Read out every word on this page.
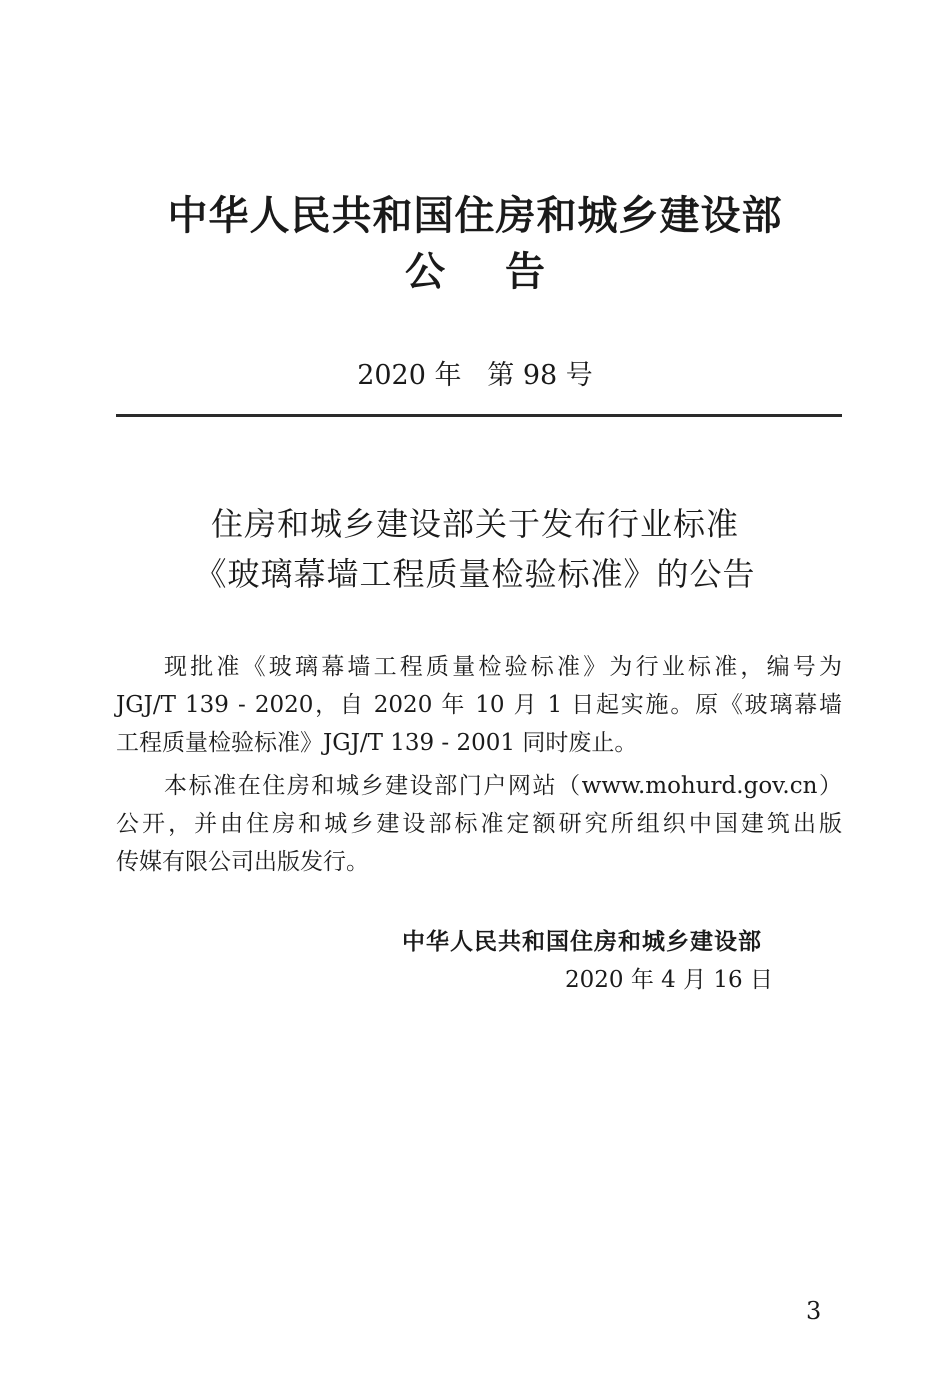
中华人民共和国住房和城乡建设部
公告
2020 年   第 98 号
住房和城乡建设部关于发布行业标准
《玻璃幕墙工程质量检验标准》的公告
现批准《玻璃幕墙工程质量检验标准》为行业标准，编号为
JGJ/T 139 - 2020，自 2020 年 10 月 1 日起实施。原《玻璃幕墙
工程质量检验标准》JGJ/T 139 - 2001 同时废止。
本标准在住房和城乡建设部门户网站（www.mohurd.gov.cn）
公开，并由住房和城乡建设部标准定额研究所组织中国建筑出版
传媒有限公司出版发行。
中华人民共和国住房和城乡建设部
2020 年 4 月 16 日
3
